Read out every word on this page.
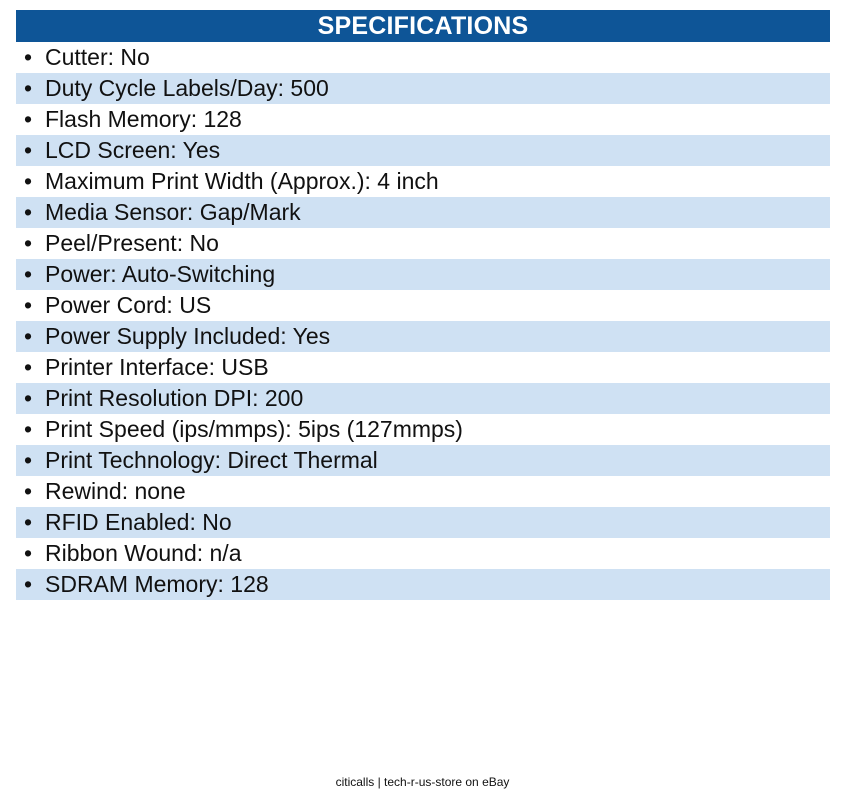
SPECIFICATIONS
• Cutter: No
• Duty Cycle Labels/Day: 500
• Flash Memory: 128
• LCD Screen: Yes
• Maximum Print Width (Approx.): 4 inch
• Media Sensor: Gap/Mark
• Peel/Present: No
• Power: Auto-Switching
• Power Cord: US
• Power Supply Included: Yes
• Printer Interface: USB
• Print Resolution DPI: 200
• Print Speed (ips/mmps): 5ips (127mmps)
• Print Technology: Direct Thermal
• Rewind: none
• RFID Enabled: No
• Ribbon Wound: n/a
• SDRAM Memory: 128
citicalls | tech-r-us-store on eBay
